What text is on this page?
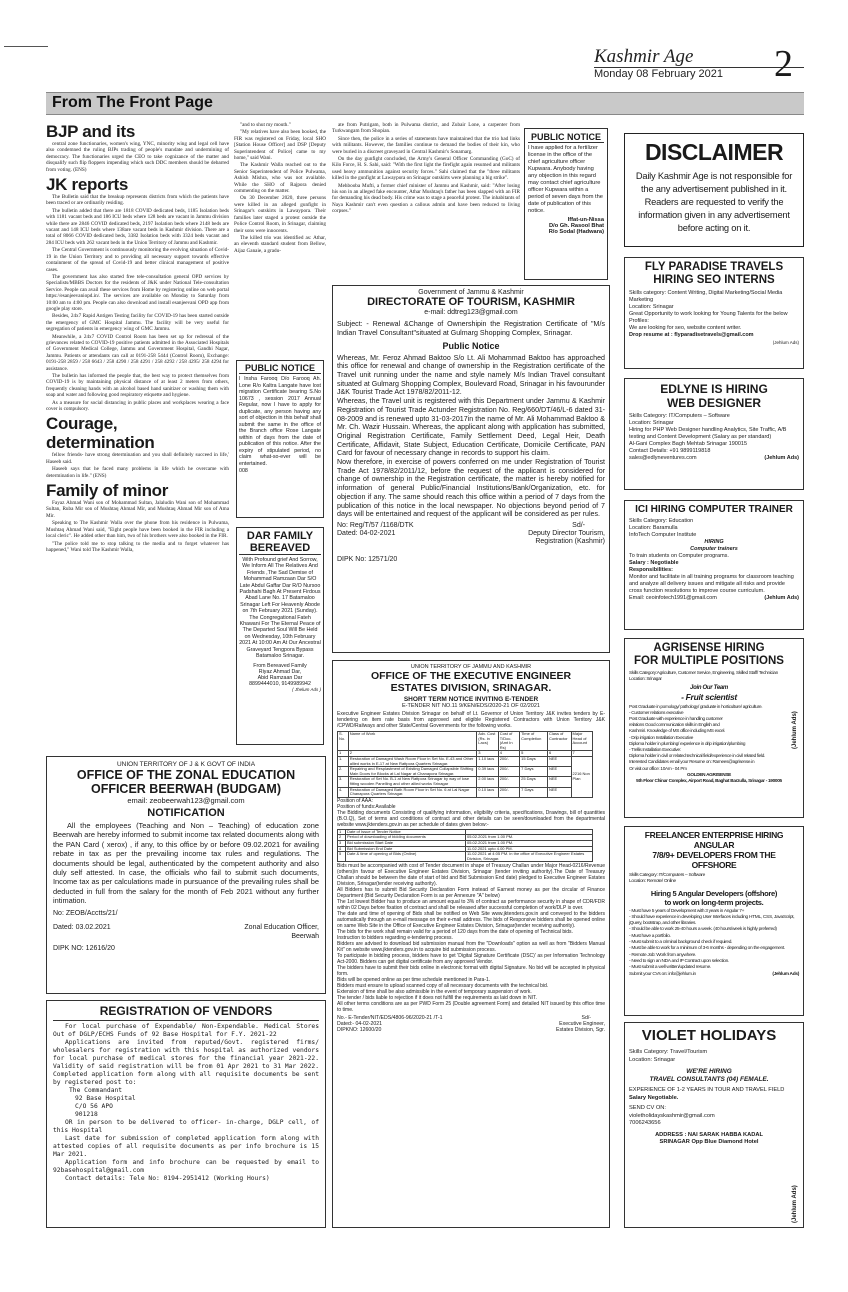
Kashmir Age
Monday 08 February 2021	2
From The Front Page
BJP and its

central zone functionaries, women's wing, YNC, minority wing and legal cell have also condemned the ruling BJPs trading of people's mandate and undermining of democracy. The functionaries urged the CEO to take cognizance of the matter and disqualify such flip floppers impending which such DDC members should be debarred from voting. (ENS)

JK reports

The Bulletin said that the breakup represents districts from which the patients have been traced or are ordinarily residing.

The bulletin added that there are 1818 COVID dedicated beds, 1185 Isolation beds with 1181 vacant beds and 186 ICU beds where 128 beds are vacant in Jammu division while there are 2846 COVID dedicated beds, 2197 Isolation beds where 2148 beds are vacant and 148 ICU beds where 138are vacant beds in Kashmir division. There are a total of 8066 COVID dedicated beds, 3382 Isolation beds with 3324 beds vacant and 284 ICU beds with 262 vacant beds in the Union Territory of Jammu and Kashmir.

The Central Government is continuously monitoring the evolving situation of Covid-19 in the Union Territory and to providing all necessary support towards effective containment of the spread of Covid-19 and better clinical management of positive cases.

The government has also started free tele-consultation general OPD services by Specialists/MBBS Doctors for the residents of J&K under National Tele-consultation Service. People can avail these services from Home by registering online on web portal https://esanjeevaniopd.in/. The services are available on Monday to Saturday from 10:00 am to 4:00 pm. People can also download and install esanjeevani OPD app from google play store.

Besides, 24x7 Rapid Antigen Testing facility for COVID-19 has been started outside the emergency of GMC Hospital Jammu. The facility will be very useful for segregation of patients in emergency wing of GMC Jammu.

Meanwhile, a 24x7 COVID Control Room has been set up for redressal of the grievances related to COVID-19 positive patients admitted in the Associated Hospitals of Government Medical College, Jammu and Government Hospital, Gandhi Nagar, Jammu. Patients or attendants can call at 0191-258 5444 (Control Room), Exchange: 0191-258 2859 / 258 6643 / 258 4290 / 258 4291 / 258 4292 / 258 4295/ 258 4294 for assistance.

The bulletin has informed the people that, the best way to protect themselves from COVID-19 is by maintaining physical distance of at least 2 meters from others, frequently cleaning hands with an alcohol based hand sanitizer or washing them with soap and water and following good respiratory etiquette and hygiene.

As a measure for social distancing in public places and workplaces wearing a face cover is compulsory.

Courage, determination

fellow friends- have strong determination and you shall definitely succeed in life,' Haseeb said.

Haseeb says that he faced many problems in life which he overcame with determination in life." (ENS)

Family of minor

Fayaz Ahmad Wani son of Mohammad Sultan, Jalaludin Wani son of Mohammad Sultan, Ruba Mir son of Mushtaq Ahmad Mir, and Mushtaq Ahmad Mir son of Ama Mir.

Speaking to The Kashmir Walla over the phone from his residence in Pulwama, Mushtaq Ahmad Wani said, "Eight people have been booked in the FIR including a local cleric". He added other than him, two of his brothers were also booked in the FIR.

"The police told me to stop talking to the media and to forget whatever has happened," Wani told The Kashmir Walla,

"and to shut my mouth."

"My relatives have also been booked, the FIR was registered on Friday, local SHO [Station House Officer] and DSP [Deputy Superintendent of Police] came to my home," said Wani.

The Kashmir Walla reached out to the Senior Superintendent of Police Pulwama, Ashish Mishra, who was not available. While the SHO of Rajpora denied commenting on the matter.

On 30 December 2020, three persons were killed in an alleged gunfight in Srinagar's outskirts in Lawaypora. Their families later staged a protest outside the Police Control Room, in Srinagar, claiming their sons were innocents.

The killed trio was identified as: Athar, an eleventh standard student from Bellow, Aijaz Ganaie, a gradu-

PUBLIC NOTICE
I Insha Farooq D/o Farooq Ah. Lone R/o Kaltra Langate have lost migration Certificate bearing S.No 10673 , session 2017 Annual Regular, now I have to apply for duplicate, any person having any sort of objection in this behalf shall submit the same in the office of the Branch office Rose Langate within of days from the date of publication of this notice. After the expiry of stipulated period, no claim what-so-ever will be entertained.
008
DAR FAMILY BEREAVED
With Profound grief And Sorrow, We Inform All The Relatives And Friends ,The Sad Demise of Mohammad Ramzaan Dar S/O Late Abdul Gaffar Dar R/O Nursoo Padshahi Bagh At Present Firdous Abad Lane No. 17 Batamaloo Srinagar Left For Heavenly Abode on 7th February 2021 (Sunday). The Congregational Fateh Khawani For The Eternal Peace of The Departed Soul Will Be Held on Wednesday, 10th February 2021 At 10:00 Am At Our Ancestral Graveyard Tengpora Bypass Batamaloo Srinagar.
From Bereaved Family
Riyaz Ahmad Dar,
Abid Ramzaan Dar
8899444010, 9149989942
( Jhelum Ads )

ate from Putrigam, both in Pulwama district, and Zubair Lone, a carpenter from Turkwangam from Shopian.

Since then, the police in a series of statements have maintained that the trio had links with militants. However, the families continue to demand the bodies of their kin, who were buried in a discreet graveyard in Central Kashmir's Sonamarg.

On the day gunfight concluded, the Army's General Officer Commanding (GoC) of Kilo Force, H. S. Sahi, said: "With the first light the firefight again resumed and militants used heavy ammunition against security forces." Sahi claimed that the "three militants killed in the gunfight at Lawaypora on Srinagar outskirts were planning a big strike".

Mehbooba Mufti, a former chief minister of Jammu and Kashmir, said: "After losing his son in an alleged fake encounter, Athar Mushtaq's father has been slapped with an FIR for demanding his dead body. His crime was to stage a peaceful protest. The inhabitants of Naya Kashmir can't even question a callous admin and have been reduced to living corpses."

PUBLIC NOTICE
I have applied for a fertilizer license in the office of the chief agriculture officer Kupwara. Anybody having any objection in this regard may contact chief agriculture officer Kupwara within a period of seven days from the date of publication of this notice.
Iffat-un-Nissa
D/o Gh. Rasool Bhat
R/o Sodal (Hadwara)
Government of Jammu & Kashmir
DIRECTORATE OF TOURISM, KASHMIR
e-mail: ddtreg123@gmail.com
Subject: - Renewal &Change of Ownershipin the Registration Certificate of "M/s Indian Travel Consultant"situated at Gulmarg Shopping Complex, Srinagar.
Public Notice
Whereas, Mr. Feroz Ahmad Baktoo S/o Lt. Ali Mohammad Baktoo has approached this office for renewal and change of ownership in the Registration certificate of the Travel unit running under the name and style namely M/s Indian Travel consultant situated at Gulmarg Shopping Complex, Boulevard Road, Srinagar in his favourunder J&K Tourist Trade Act 1978/82/2011-12.
Whereas, the Travel unit is registered with this Department under Jammu & Kashmir Registration of Tourist Trade Actunder Registration No. Reg/660/DT/46/L-6 dated 31-08-2009 and is renewed upto 31-03-2017in the name of Mr. Ali Mohammad Baktoo & Mr. Ch. Wazir Hussain. Whereas, the applicant along with application has submitted, Original Registration Certificate, Family Settlement Deed, Legal Heir, Death Certificate, Affidavit, State Subject, Education Certificate, Domicile Certificate, PAN Card for favour of necessary change in records to support his claim.
Now therefore, in exercise of powers conferred on me under Registration of Tourist Trade Act 1978/82/2011/12, before the request of the applicant is considered for change of ownership in the Registration certificate, the matter is hereby notified for information of general Public/Financial Institutions/Bank/Organization, etc. for objection if any. The same should reach this office within a period of 7 days from the publication of this notice in the local newspaper. No objections beyond period of 7 days will be entertained and request of the applicant will be considered as per rules.
No: Reg/T/57 /1168/DTK	Sd/-
Dated: 04-02-2021	Deputy Director Tourism,
Registration (Kashmir)
DIPK No: 12571/20
UNION TERRITORY OF JAMMU AND KASHMIR
OFFICE OF THE EXECUTIVE ENGINEER
ESTATES DIVISION, SRINAGAR.
SHORT TERM NOTICE INVITING E-TENDER
E-TENDER NIT NO.11 9/KEN/EDS/2020-21 OF 02/2021
Executive Engineer Estates Division Srinagar on behalf of Lt. Governor of Union Territory J&K invites tenders by E-tendering on item rate basis from approved and eligible Registered Contractors with Union Territory J&K /CPWD/Railways and other State/Central Governments for the following works.
S. No.	Name of Work	Adv. Cost (Rs. in Lacs)	Cost of T/Doc. (Amt In Rs)	Time of Completion	Class of Contractor	Major Head of Account
1	2	3	4	5	6	7
1.	Restoration of Damaged Wash Room Floor in Set No. E-43 and Other allied works in E-17 at New Rattpora Quarters Srinagar.	1.10 lacs	200/-	15 Days	NEE	2216 Non Plan
2.	Repairing and Resplastment of Existing Damaged Collapsible Shifting Main Doors for Blocks at Lal Nagar at Chanapora Srinagar.	0.39 lacs	200/-	7 Days	NEE	
3.	Restoration of Set No. B-1 at New Rattpora Srinagar by way of lose fitting wooden Panelling and other allied works Srinagar	2.00 lacs	200/-	25 Days	NEE	
4.	Restoration of Damaged Bath Room Floor in Set No. 6 at Lal Nagar Chanapora Quarters Srinagar.	0.10 lacs	200/-	7 Days	NEE	
Position of AAA:
Position of funds:Available
The Bidding documents Consisting of qualifying information, eligibility criteria, specifications, Drawings, bill of quantities (B.O.Q), Set of terms and conditions of contract and other details can be seen/downloaded from the departmental website www.jktenders.gov.in as per schedule of dates given below:-
1	Date of Issue of Tender Notice	
2	Period of downloading of bidding documents	05.02.2021 from 1.00 PM.
3	Bid submission Start Date	05.02.2021 from 1.00 PM.
4	Bid Submission End Date	11.02.2021 upto 4.00 PM.
5	Date & time of opening of Bids (Online)	11.02.2021 at 4:05 PM. in the office of Executive Engineer Estates Division, Srinagar.
Bids must be accompanied with cost of Tender document in shape of Treasury Challan under Major Head-0216/Revenue (others)in favour of Executive Engineer Estates Division, Srinagar (tender inviting authority).The Date of Treasury Challan should be between the date of start of bid and Bid Submission End date) pledged to Executive Engineer Estates Division, Srinagar(tender receiving authority).
All Bidders has to submit Bid Security Declaration Form instead of Earnest money as per the circular of Finance Department (Bid Security Declaration Form is as per Annexure "A" below)
The 1st lowest Bidder has to produce an amount equal to 3% of contract as performance security in shape of CDR/FDR within 02 Days before fixation of contract and shall be released after successful completion of work/DLP is over.
The date and time of opening of Bids shall be notified on Web Site www.jktenders.gov.in and conveyed to the bidders automatically through an e-mail message on their e-mail address. The bids of Responsive bidders shall be opened online on same Web Site in the Office of Executive Engineer Estates Division, Srinagar(tender receiving authority).
The bids for the work shall remain valid for a period of 120 days from the date of opening of Technical bids.
Instruction to bidders regarding e-tendering process.
Bidders are advised to download bid submission manual from the "Downloads" option as well as from "Bidders Manual Kit" on website www.jktenders.gov.in to acquire bid submission process.
To participate in bidding process, bidders have to get 'Digital Signature Certificate (DSC)' as per Information Technology Act-2000. Bidders can get digital certificate from any approved Vendor.
The bidders have to submit their bids online in electronic format with digital Signature. No bid will be accepted in physical form.
Bids will be opened online as per time schedule mentioned in Para-1.
Bidders must ensure to upload scanned copy of all necessary documents with the technical bid.
Extension of time shall be also admissible in the event of temporary suspension of work.
The tender / bids liable to rejection if it does not fulfill the requirements as laid down in NIT.
All other terms conditions are as per PWD Form 25 (Double agreement Form) and detailed NIT issued by this office time to time.
No.- E-Tender/NIT/EDS/4806-96/2020-21 /T-1	Sd/-
Dated:- 04-02-2021	Executive Engineer,
DIPKNO: 12600/20	Estates Division, Sgr.
UNION TERRITORY OF J & K GOVT OF INDIA
OFFICE OF THE ZONAL EDUCATION
OFFICER BEERWAH (BUDGAM)
email: zeobeerwah123@gmail.com
NOTIFICATION
All the employees (Teaching and Non – Teaching) of education zone Beerwah are hereby informed to submit income tax related documents along with the PAN Card ( xerox) , if any, to this office by or before 09.02.2021 for availing rebate in tax as per the prevailing income tax rules and regulations. The documents should be legal, authenticated by the competent authority and also duly self attested. In case, the officials who fail to submit such documents, Income tax as per calculations made in pursuance of the prevailing rules shall be deducted in full from the salary for the month of Feb 2021 without any further intimation.
No: ZEOB/Acctts/21/
Dated: 03.02.2021	Zonal Education Officer,
Beerwah
DIPK NO: 12616/20
REGISTRATION OF VENDORS
For local purchase of Expendable/ Non-Expendable. Medical Stores Out of DGLP/ECHS Funds of 92 Base Hospital for F.Y. 2021-22
Applications are invited from reputed/Govt. registered firms/ wholesalers for registration with this hospital as authorized vendors for local purchase of medical stores for the financial year 2021-22. Validity of said registration will be from 01 Apr 2021 to 31 Mar 2022. Completed application form along with all requisite documents be sent by registered post to:
The Commandant
92 Base Hospital
C/O 56 APO
901218
OR in person to be delivered to officer- in-charge, DGLP cell, of this Hospital
Last date for submission of completed application form along with attested copies of all requisite documents as per info brochure is 15 Mar 2021.
Application form and info brochure can be requested by email to 92basehospital@gmail.com
Contact details: Tele No: 0194-2951412 (Working Hours)
DISCLAIMER
Daily Kashmir Age is not responsible for the any advertisement published in it. Readers are requested to verify the information given in any advertisement before acting on it.
FLY PARADISE TRAVELS
HIRING SEO INTERNS
Skills category: Content Writing, Digital Marketing/Social Media Marketing
Location: Srinagar
Great Opportunity to work looking for Young Talents for the below Profiles:
We are looking for seo, website content writer.
Drop resume at : flyparadisetravels@gmail.com
(Jehlum Ads)
EDLYNE IS HIRING
WEB DESIGNER
Skills Category: IT/Computers – Software
Location: Srinagar
Hiring for PHP Web Designer handling Analytics, Site Traffic, A/B testing and Content Development (Salary as per standard)
Al-Gani Complex Bagh Mehtab Srinagar 190015
Contact Details: +91 9899119818
sales@edlyneventures.com	(Jehlum Ads)
ICI HIRING COMPUTER TRAINER
Skills Category: Education
Location: Baramulla
InfoTech Computer Institute
HIRING
Computer trainers
To train students on Computer programs.
Salary : Negotiable
Responsibilities:
Monitor and facilitate in all training programs for classroom teaching and analyze all delivery issues and mitigate all risks and provide cross function resolutions to improve course curriculum.
Email: ceoinfotech1991@gmail.com	(Jehlum Ads)
AGRISENSE HIRING
FOR MULTIPLE POSITIONS
Skills Category:Agriculture, Customer Service, Engineering, Skilled Staff/ Technician
Location: Srinagar
Join Our Team
- Fruit scientist
Post Graduate in pomology/ pathology/ graduate in horticulture/ agriculture.
- Customer relations executive
Post Graduate with experience in handling customer
relations Good communication skills in English and
Kashmiri. Knowledge of MS office including MS excel.
- Drip irrigation Installation Executive
Diploma holder in plumbing/ experience in drip irrigation/plumbing
- Trellis Installation Executive:
Diploma holder in civil or related technical field/experience in civil related field.
Interested Candidates email your Resume on: Ramees@agrisense.in
Or visit our office: 10Am - 04 Pm
GOLDEN AGRISENSE
5th Floor Chinar Complex, Airport Road, Baghat Barzulla, Srinagar - 190005
(Jehlum Ads)
FREELANCER ENTERPRISE HIRING ANGULAR
7/8/9+ DEVELOPERS FROM THE OFFSHORE
Skills Category: IT/Computers – Software
Location: Remote/ Online
Hiring 5 Angular Developers (offshore)
to work on long-term projects.
- Must have 5 years of Development with 3 years in Angular 7+
- Should have experience in developing User Interfaces including HTML, CSS, JavaScript, jQuery, bootstrap, and other libraries.
- Should be able to work 25-40 hours a week. (40 hours/week is highly preferred)
- Must have a portfolio.
- Must submit to a criminal background check if required.
- Must be able to work for a minimum of 3-6 months - depending on the engagement.
- Remote Job: Work from anywhere.
- Need to sign an NDA and IP Contract upon selection.
- Must submit a well written/updated resume.
Submit your CVs on: info@jehlum.in	(Jehlum Ads)
VIOLET HOLIDAYS
Skills Category: Travel/Tourism
Location: Srinagar
WE'RE HIRING
TRAVEL CONSULTANTS (04) FEMALE.
EXPERIENCE OF 1-2 YEARS IN TOUR AND TRAVEL FIELD
Salary Negotiable.
SEND CV ON:
violetholidayskashmir@gmail.com
7006243656
ADDRESS : NAI SARAK HABBA KADAL
SRINAGAR Opp Blue Diamond Hotel
(Jehlum Ads)
